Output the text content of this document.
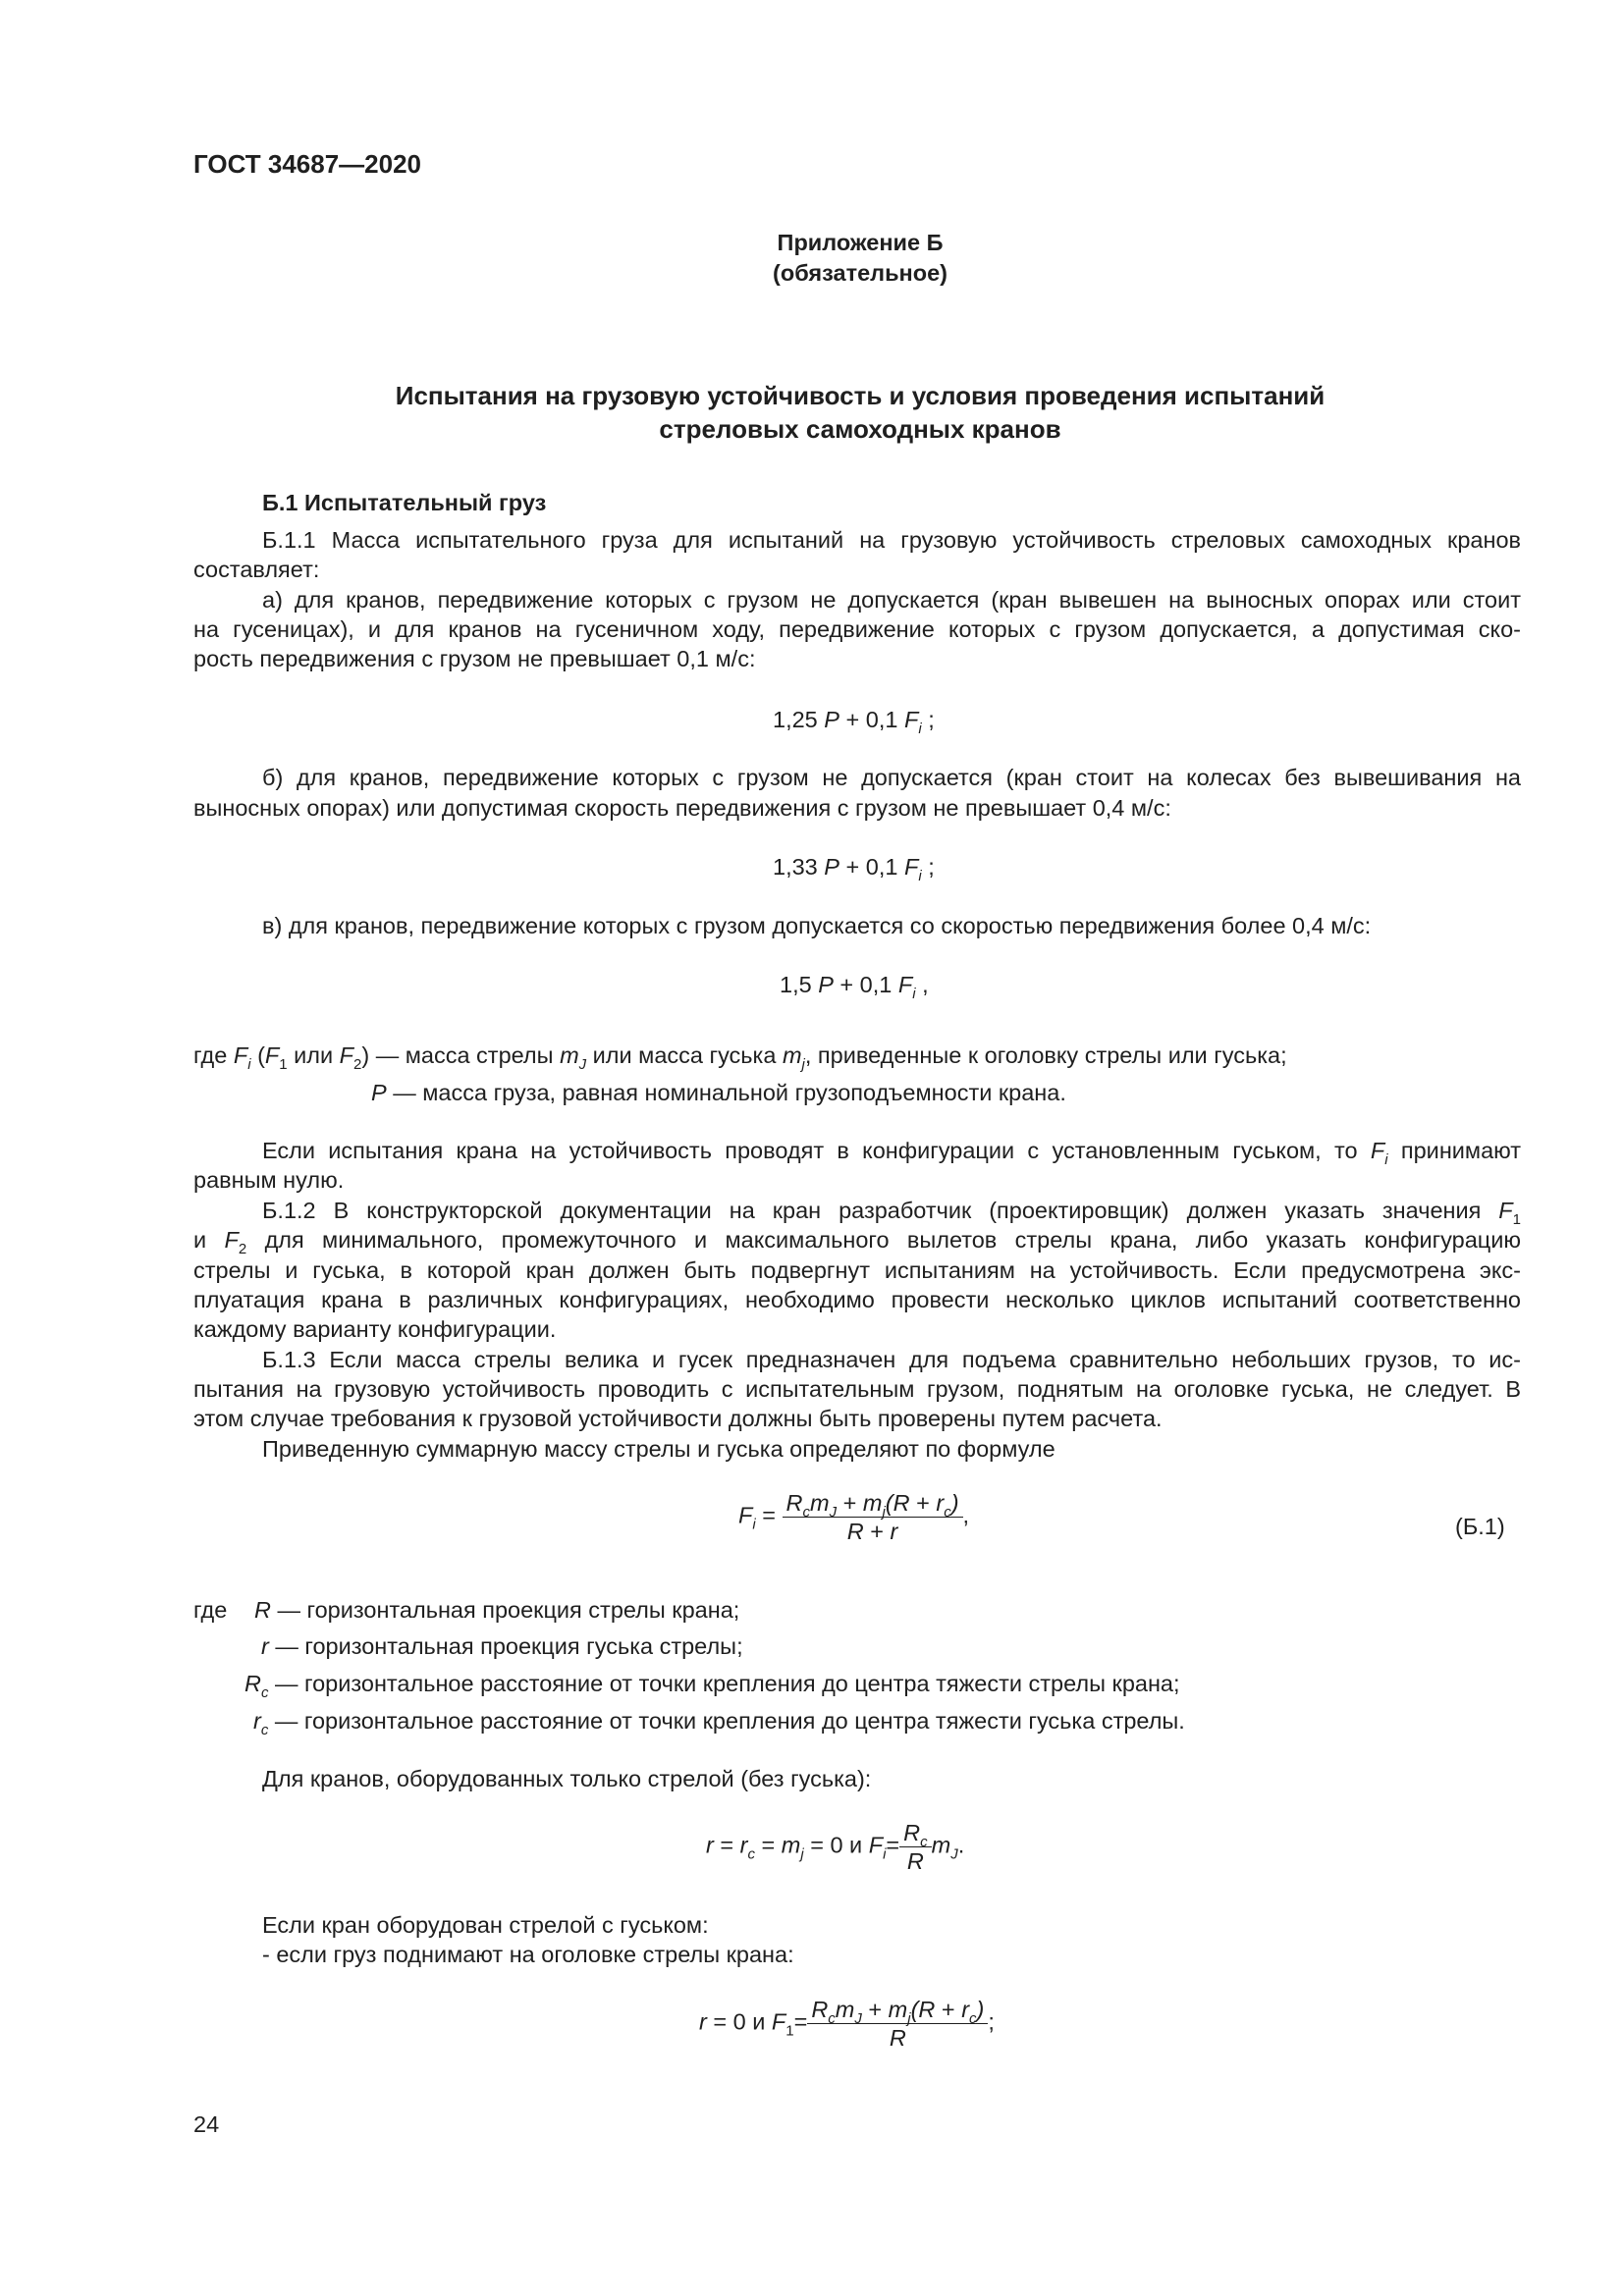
ГОСТ 34687—2020
Приложение Б
(обязательное)
Испытания на грузовую устойчивость и условия проведения испытаний
стреловых самоходных кранов
Б.1 Испытательный груз
Б.1.1 Масса испытательного груза для испытаний на грузовую устойчивость стреловых самоходных кранов
составляет:
а) для кранов, передвижение которых с грузом не допускается (кран вывешен на выносных опорах или стоит
на гусеницах), и для кранов на гусеничном ходу, передвижение которых с грузом допускается, а допустимая ско-
рость передвижения с грузом не превышает 0,1 м/с:
1,25 P + 0,1 $F_i$ ;
б) для кранов, передвижение которых с грузом не допускается (кран стоит на колесах без вывешивания на
выносных опорах) или допустимая скорость передвижения с грузом не превышает 0,4 м/с:
1,33 P + 0,1 $F_i$ ;
в) для кранов, передвижение которых с грузом допускается со скоростью передвижения более 0,4 м/с:
1,5 P + 0,1 $F_i$ ,
где $F_i$ ($F_1$ или $F_2$) — масса стрелы $m_J$ или масса гуська $m_j$, приведенные к оголовку стрелы или гуська;
P — масса груза, равная номинальной грузоподъемности крана.
Если испытания крана на устойчивость проводят в конфигурации с установленным гуськом, то $F_i$ принимают
равным нулю.
Б.1.2 В конструкторской документации на кран разработчик (проектировщик) должен указать значения $F_1$
и $F_2$ для минимального, промежуточного и максимального вылетов стрелы крана, либо указать конфигурацию
стрелы и гуська, в которой кран должен быть подвергнут испытаниям на устойчивость. Если предусмотрена экс-
плуатация крана в различных конфигурациях, необходимо провести несколько циклов испытаний соответственно
каждому варианту конфигурации.
Б.1.3 Если масса стрелы велика и гусек предназначен для подъема сравнительно небольших грузов, то ис-
пытания на грузовую устойчивость проводить с испытательным грузом, поднятым на оголовке гуська, не следует. В
этом случае требования к грузовой устойчивости должны быть проверены путем расчета.
Приведенную суммарную массу стрелы и гуська определяют по формуле
$F_i = \frac{R_cm_J + m_j(R + r_c)}{R + r}$ ,	(Б.1)
где R — горизонтальная проекция стрелы крана;
r — горизонтальная проекция гуська стрелы;
$R_c$ — горизонтальное расстояние от точки крепления до центра тяжести стрелы крана;
$r_c$ — горизонтальное расстояние от точки крепления до центра тяжести гуська стрелы.
Для кранов, оборудованных только стрелой (без гуська):
$r = r_c = m_j = 0$ и $F_i= \frac{R_c}{R} m_J$.
Если кран оборудован стрелой с гуськом:
- если груз поднимают на оголовке стрелы крана:
r = 0 и $F_1= \frac{R_cm_J + m_j(R + r_c)}{R}$ ;
24
